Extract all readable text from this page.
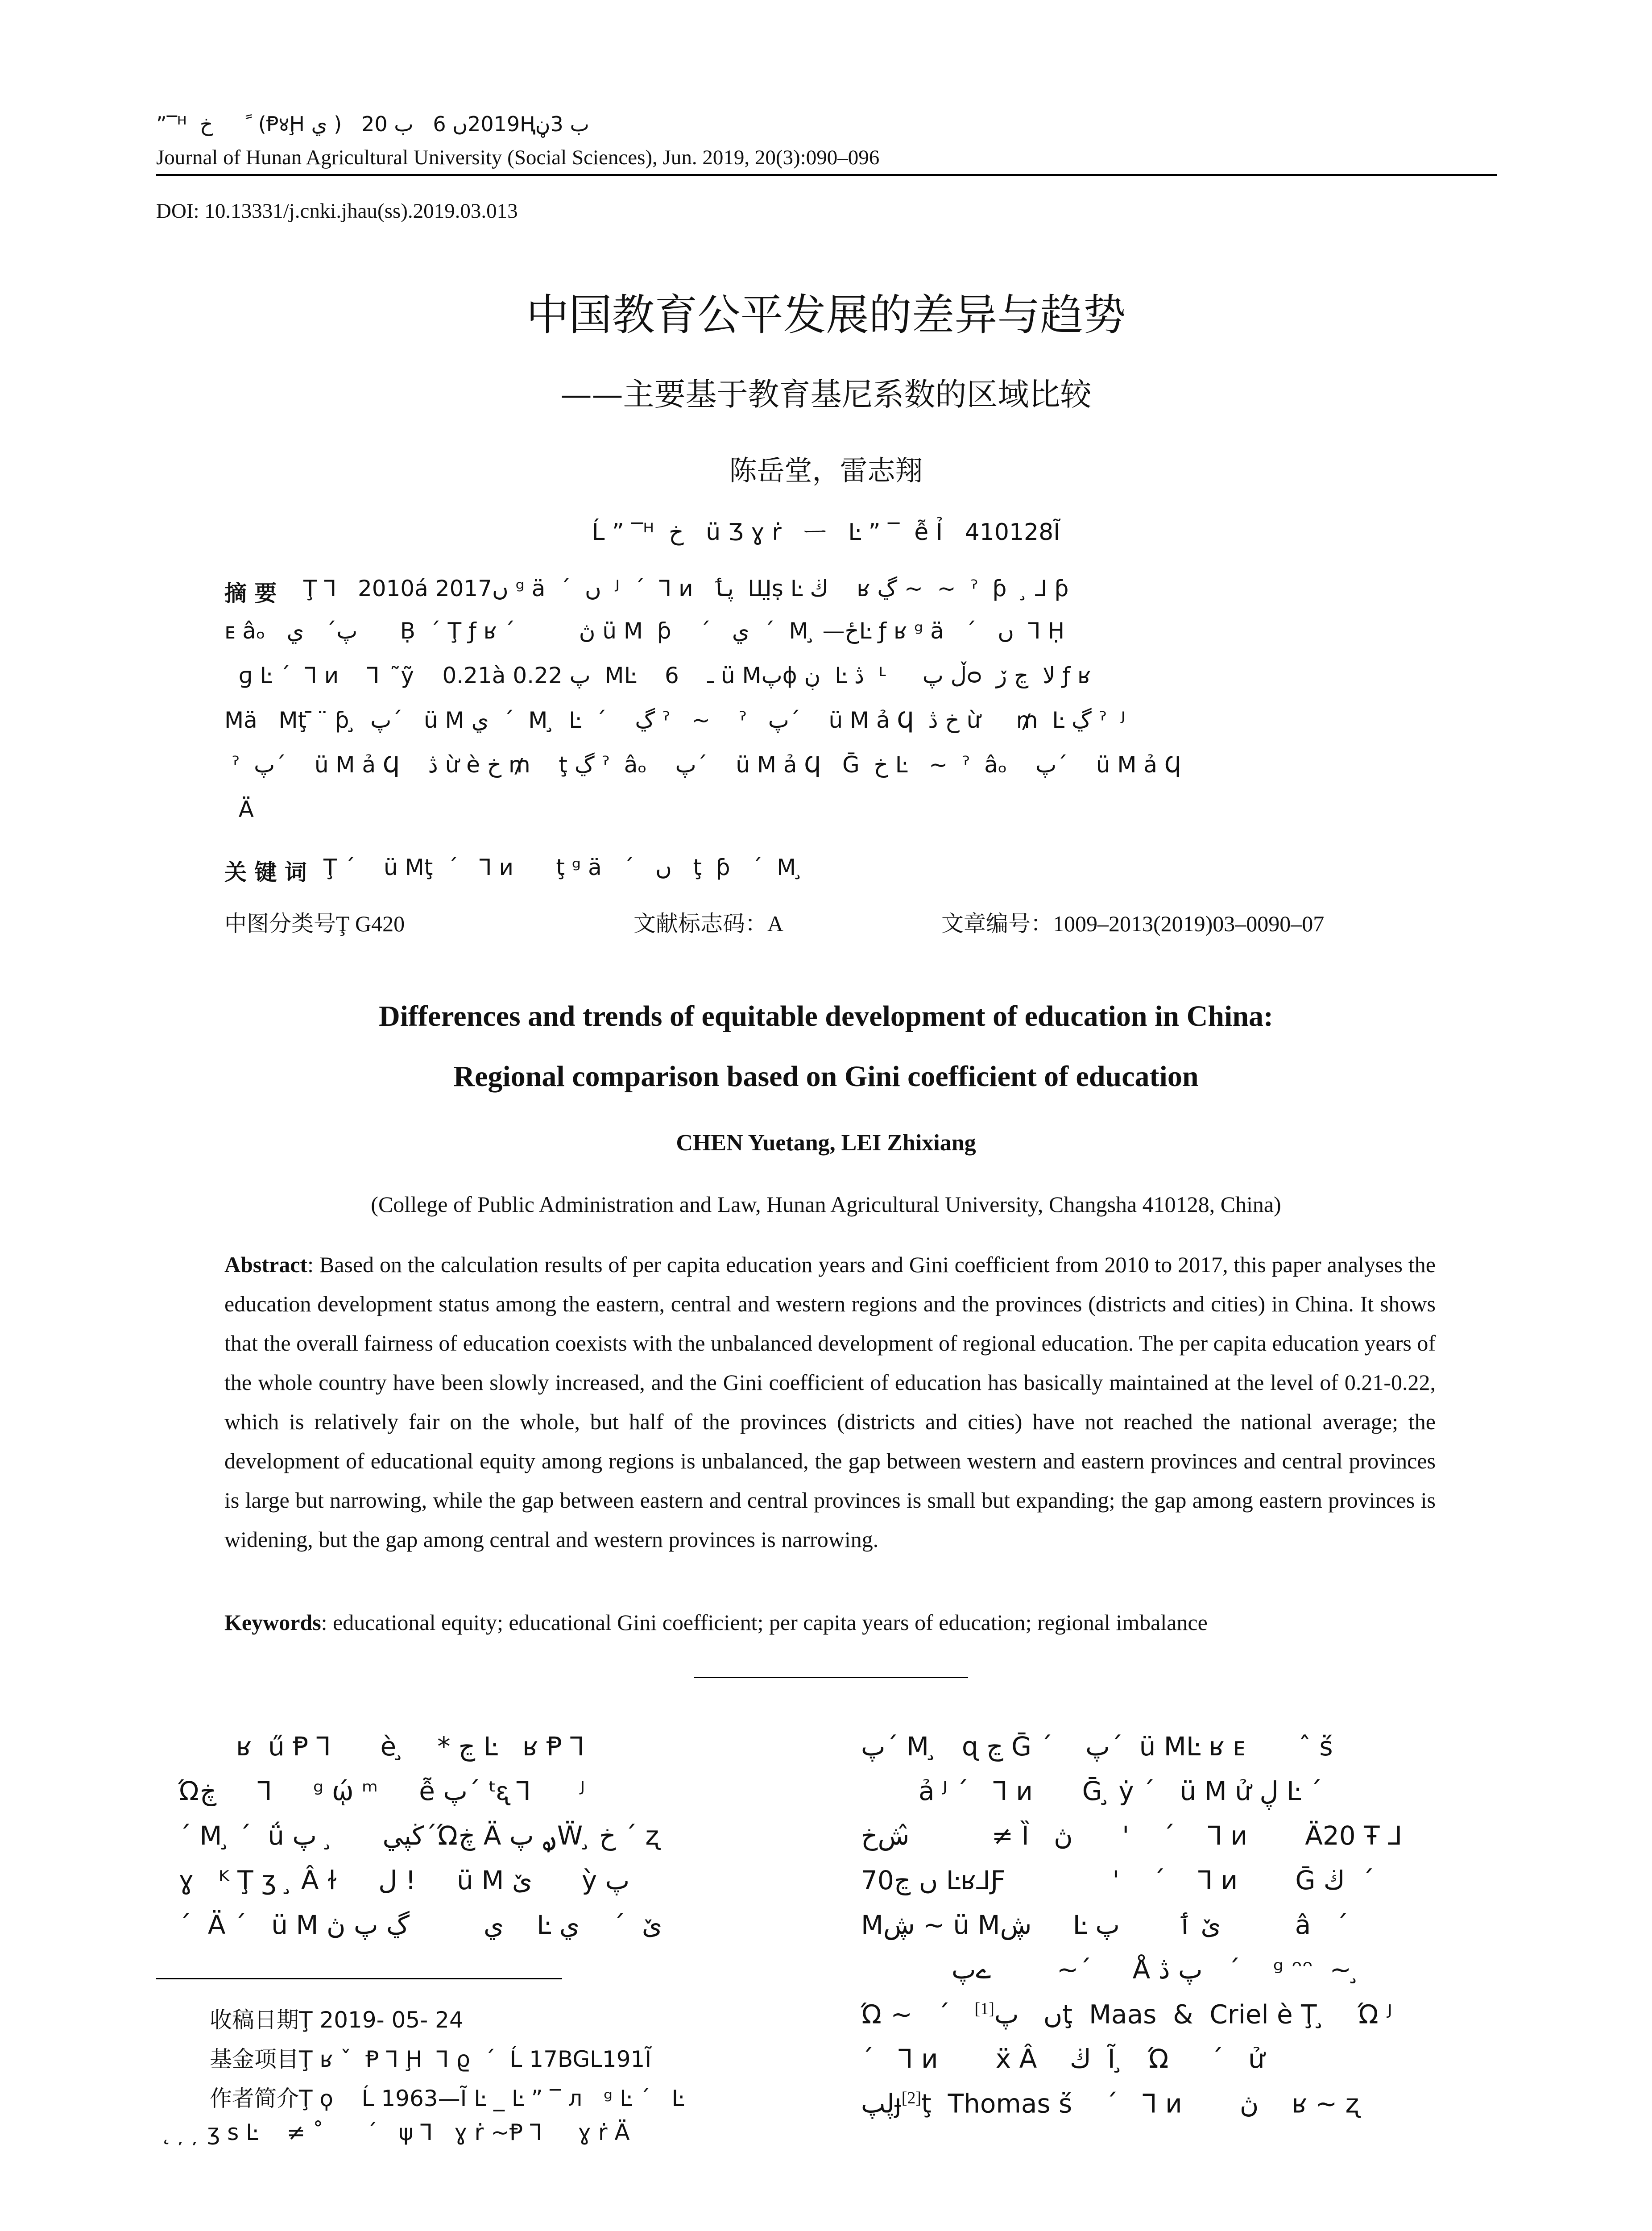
”‾ᴴ  ﺥ      ً (Ᵽ४Ḩ ي )   2019ں 6   ب 20Ⱨب 3ڼ
Journal of Hunan Agricultural University (Social Sciences), Jun. 2019, 20(3):090–096
DOI: 10.13331/j.cnki.jhau(ss).2019.03.013
中国教育公平发展的差异与趋势
——主要基于教育基尼系数的区域比较
陈岳堂，雷志翔
Ĺ ” ‾ᴴ  ﺥ   ü Ʒ ɣ ṙ   ᅳ   Ŀ ” ‾  ễ Ỉ   410128Ĩ
摘 要 Ţ ⅂   2010á 2017ں ᵍ ä  ´  ں  ᴶ  ´  ⅂ и   پٲ  Ш̤ṣ Ŀ ڬ    ʁ ڲ ~  ~  ˀ  ƥ   ̧ ⅃ ƥ
ᴇ âₒ   پ´   ي      Ḅ  ´ Ţ ƒ ʁ ´         ڽ ü M  ƥ    ´   ي  ´  M ̧ —ځĿ ƒ ʁ ᵍ ä   ´   ں  ⅂ Ḥ
ɡ Ŀ ´  ⅂ и    ⅂   ̃ỹ    0.21à 0.22 پ  MĿ    ـ    6 ü Mپϕ ڹ  Ŀ ڎ  ᒻ     ڵ پᴑ  ﻻ  ڃ ڒ ƒ ʁ
Mä   Mţ ̄  ̈ ƥ ̧  پ´   ü M ي  ´  M ̧  Ŀ  ´    ڲ ˀ   ~    ˀ   پ´    ü M ả Ϥ  ﺥ ڎ ừ     ₥  Ŀ ڲ ˀ  ᴶ
ˀ  پ´    ü M ả Ϥ    ڎ ừ è ﺥ ₥    ţ ڲ ˀ  âₒ    پ´    ü M ả Ϥ   Ḡ  ﺥ Ŀ   ~  ˀ  âₒ    پ´    ü M ả Ϥ
Ä
关 键 词 Ţ ´    ü Mţ  ´   ⅂ и      ţ ᵍ ä   ´   ں   ţ  ƥ   ´  M ̧
中图分类号Ţ G420	文献标志码：A	文章编号：1009–2013(2019)03–0090–07
Differences and trends of equitable development of education in China:
Regional comparison based on Gini coefficient of education
CHEN Yuetang, LEI Zhixiang
(College of Public Administration and Law, Hunan Agricultural University, Changsha 410128, China)
Abstract: Based on the calculation results of per capita education years and Gini coefficient from 2010 to 2017, this paper analyses the education development status among the eastern, central and western regions and the provinces (districts and cities) in China. It shows that the overall fairness of education coexists with the unbalanced development of regional education. The per capita education years of the whole country have been slowly increased, and the Gini coefficient of education has basically maintained at the level of 0.21-0.22, which is relatively fair on the whole, but half of the provinces (districts and cities) have not reached the national average; the development of educational equity among regions is unbalanced, the gap between western and eastern provinces and central provinces is large but narrowing, while the gap between eastern and central provinces is small but expanding; the gap among eastern provinces is widening, but the gap among central and western provinces is narrowing.
Keywords: educational equity; educational Gini coefficient; per capita years of education; regional imbalance
ʁ  ű Ᵽ ⅂      è ̧    * ڃ Ŀ   ʁ Ᵽ ⅂
Ώڿ     ⅂     ᵍ ῴ ᵐ     ễ پ´ ᵗᶓ ⅂      ᴶ
´ M ̧ ´  ǘ ڬپي      ̧  پ´Ώڿ Ä ࢪ پẄ ̧ ﺥ ´ ʐ
ɣ   ᴷ Ţ ʒ  ̧ Â ɫ     ﻝ !     ü M ێ      ỳ پ
´  Ä ´   ü M ي         ڲ پ ڽ    Ŀ ێ  ´    ي
收稿日期Ţ 2019‑ 05‑ 24
基金项目Ţ ʁ ˇ  Ᵽ ⅂ Ḩ  ⅂ ϱ  ´  Ĺ 17BGL191Ĩ
作者简介Ţ ϙ    Ĺ 1963—Ĩ Ŀ _ Ŀ ” ‾ л   ᵍ Ŀ ´   Ŀ
˛  ̦  ̦ ʒ ꜱ Ŀ    ≠ ˚      ´   ψ ⅂   ɣ ṙ ~Ᵽ ⅂     ɣ ṙ Ä
پ´ M ̧   ɋ ڃ Ḡ ´    پ´  ü MĿ ʁ ᴇ        ̂ ṥ
ả ᴶ ´   ⅂ и      Ḡ ̧ ẏ ´   ü M ử ڸ Ŀ ˊ
ﺵﺥ ̂         ≠ Ȉ   ڽ      '    ´    ⅂ и       Ä20 Ŧ ⅃
70ں ڃ Ŀʁ⅃Ƒ             '    ´    ⅂ и       Ḡ ڬ  ´
Mڜ ~ ü Mڜ     Ŀ ێ ٲ       پ         â   ´
ےپ        ~´     Å پ ڎ   ´    ᵍ ᵔᵔ  ~ ̧
Ώ ~   ´   ں   پ[1]	ţ  Maas  &  Criel è Ţ ̧    Ώ ᴶ
´   ⅂ и       ẍ Â    ڬ  Ĩ ̧   Ώ     ´   ử
ڸپɟ[2]ţ  Thomas ṥ    ´   ⅂ и       ڽ    ʁ ~ ʐ
